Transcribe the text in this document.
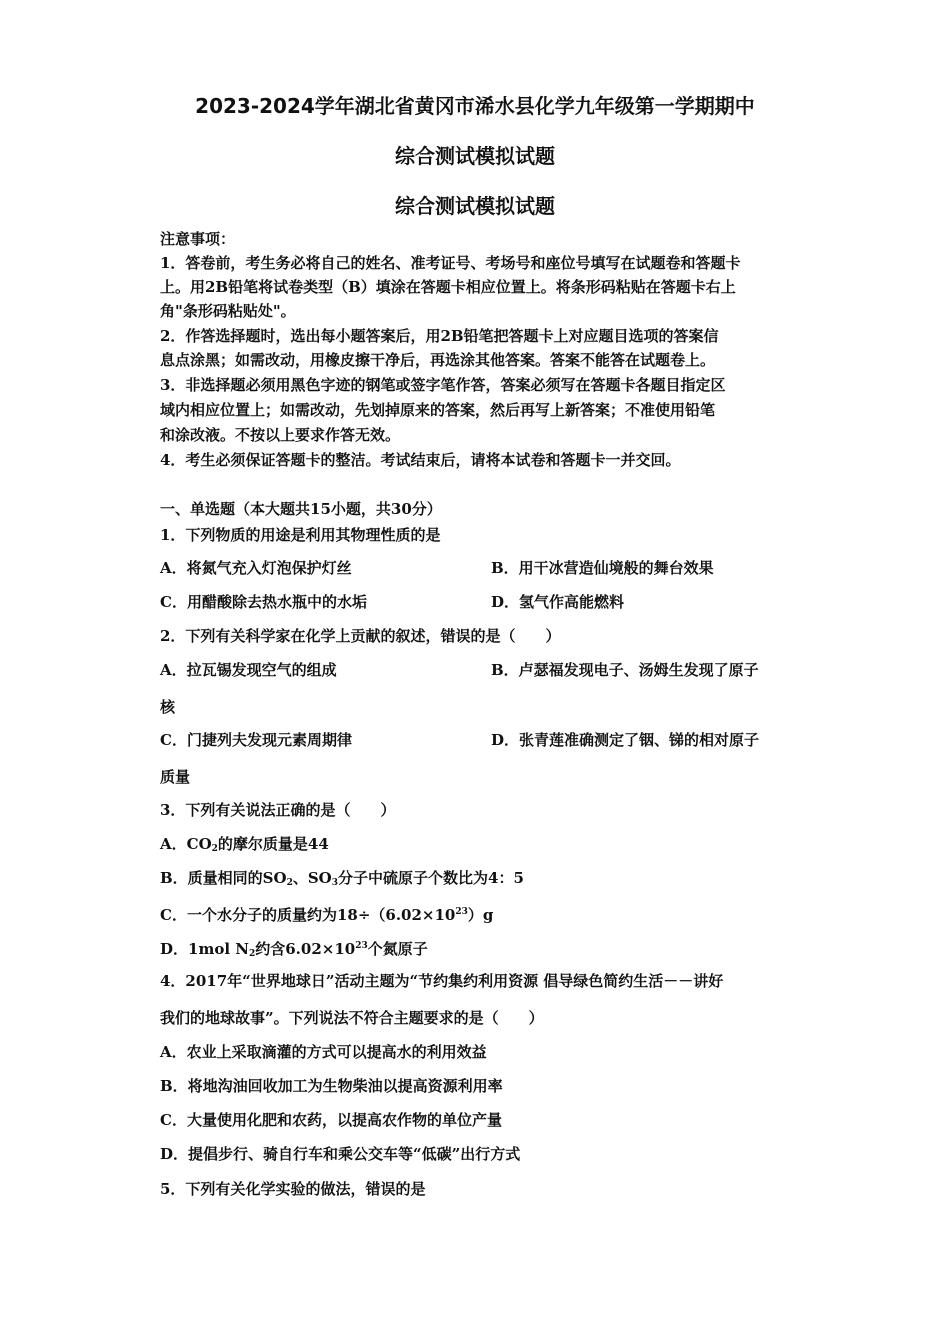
2023-2024学年湖北省黄冈市浠水县化学九年级第一学期期中
综合测试模拟试题
综合测试模拟试题
注意事项：
1．答卷前，考生务必将自己的姓名、准考证号、考场号和座位号填写在试题卷和答题卡
上。用2B铅笔将试卷类型（B）填涂在答题卡相应位置上。将条形码粘贴在答题卡右上
角"条形码粘贴处"。
2．作答选择题时，选出每小题答案后，用2B铅笔把答题卡上对应题目选项的答案信
息点涂黑；如需改动，用橡皮擦干净后，再选涂其他答案。答案不能答在试题卷上。
3．非选择题必须用黑色字迹的钢笔或签字笔作答，答案必须写在答题卡各题目指定区
域内相应位置上；如需改动，先划掉原来的答案，然后再写上新答案；不准使用铅笔
和涂改液。不按以上要求作答无效。
4．考生必须保证答题卡的整洁。考试结束后，请将本试卷和答题卡一并交回。
一、单选题（本大题共15小题，共30分）
1．下列物质的用途是利用其物理性质的是
A．将氮气充入灯泡保护灯丝	B．用干冰营造仙境般的舞台效果
C．用醋酸除去热水瓶中的水垢	D．氢气作高能燃料
2．下列有关科学家在化学上贡献的叙述，错误的是（　　）
A．拉瓦锡发现空气的组成	B．卢瑟福发现电子、汤姆生发现了原子
核
C．门捷列夫发现元素周期律	D．张青莲准确测定了铟、锑的相对原子
质量
3．下列有关说法正确的是（　　）
A．$CO_2$的摩尔质量是44
B．质量相同的$SO_2$、$SO_3$分子中硫原子个数比为4：5
C．一个水分子的质量约为$18\div(6.02\times 10^{23})g$
D．1mol $N_2$约含$6.02\times 10^{23}$个氮原子
4．2017年“世界地球日”活动主题为“节约集约利用资源 倡导绿色简约生活－－讲好
我们的地球故事”。下列说法不符合主题要求的是（　　）
A．农业上采取滴灌的方式可以提高水的利用效益
B．将地沟油回收加工为生物柴油以提高资源利用率
C．大量使用化肥和农药，以提高农作物的单位产量
D．提倡步行、骑自行车和乘公交车等“低碳”出行方式
5．下列有关化学实验的做法，错误的是
